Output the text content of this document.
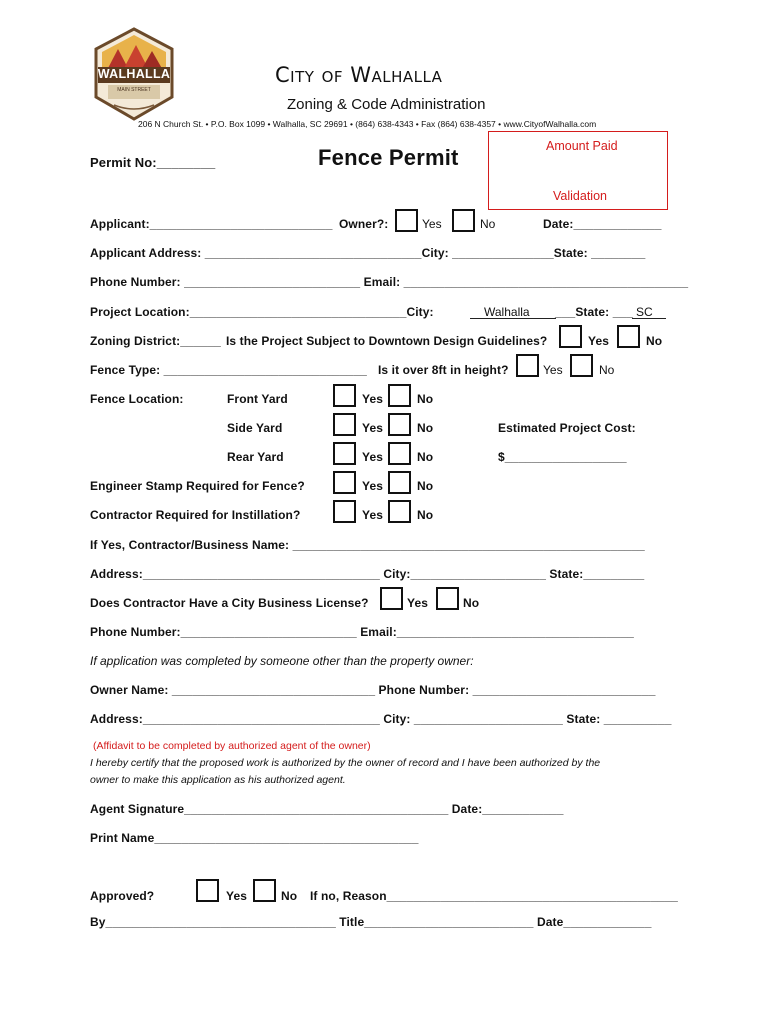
WALHALLA
MAIN STREET
City of Walhalla
Zoning & Code Administration
206 N Church St. • P.O. Box 1099 • Walhalla, SC 29691 • (864) 638-4343 • Fax (864) 638-4357 • www.CityofWalhalla.com
Amount Paid
Validation
Permit No:________	Fence Permit
Applicant:___________________________ Owner?:	Yes	No	Date:_____________
Applicant Address: ________________________________City: _______________State: ________
Phone Number: __________________________ Email: __________________________________________
Project Location:________________________________City:	Walhalla ___State: ___ SC
Zoning District:______ Is the Project Subject to Downtown Design Guidelines?	Yes	No
Fence Type: ______________________________ Is it over 8ft in height?	Yes	No
Fence Location:	Front Yard	Yes	No
Side Yard	Yes	No	Estimated Project Cost:
Rear Yard	Yes	No	$__________________
Engineer Stamp Required for Fence?	Yes	No
Contractor Required for Instillation?	Yes	No
If Yes, Contractor/Business Name: ____________________________________________________
Address:___________________________________ City:____________________ State:_________
Does Contractor Have a City Business License?	Yes	No
Phone Number:__________________________ Email:___________________________________
If application was completed by someone other than the property owner:
Owner Name: ______________________________ Phone Number: ___________________________
Address:___________________________________ City: ______________________ State: __________
(Affidavit to be completed by authorized agent of the owner)
I hereby certify that the proposed work is authorized by the owner of record and I have been authorized by the
owner to make this application as his authorized agent.
Agent Signature_______________________________________ Date:____________
Print Name_______________________________________
Approved?	Yes	No If no, Reason___________________________________________
By__________________________________ Title_________________________ Date_____________
